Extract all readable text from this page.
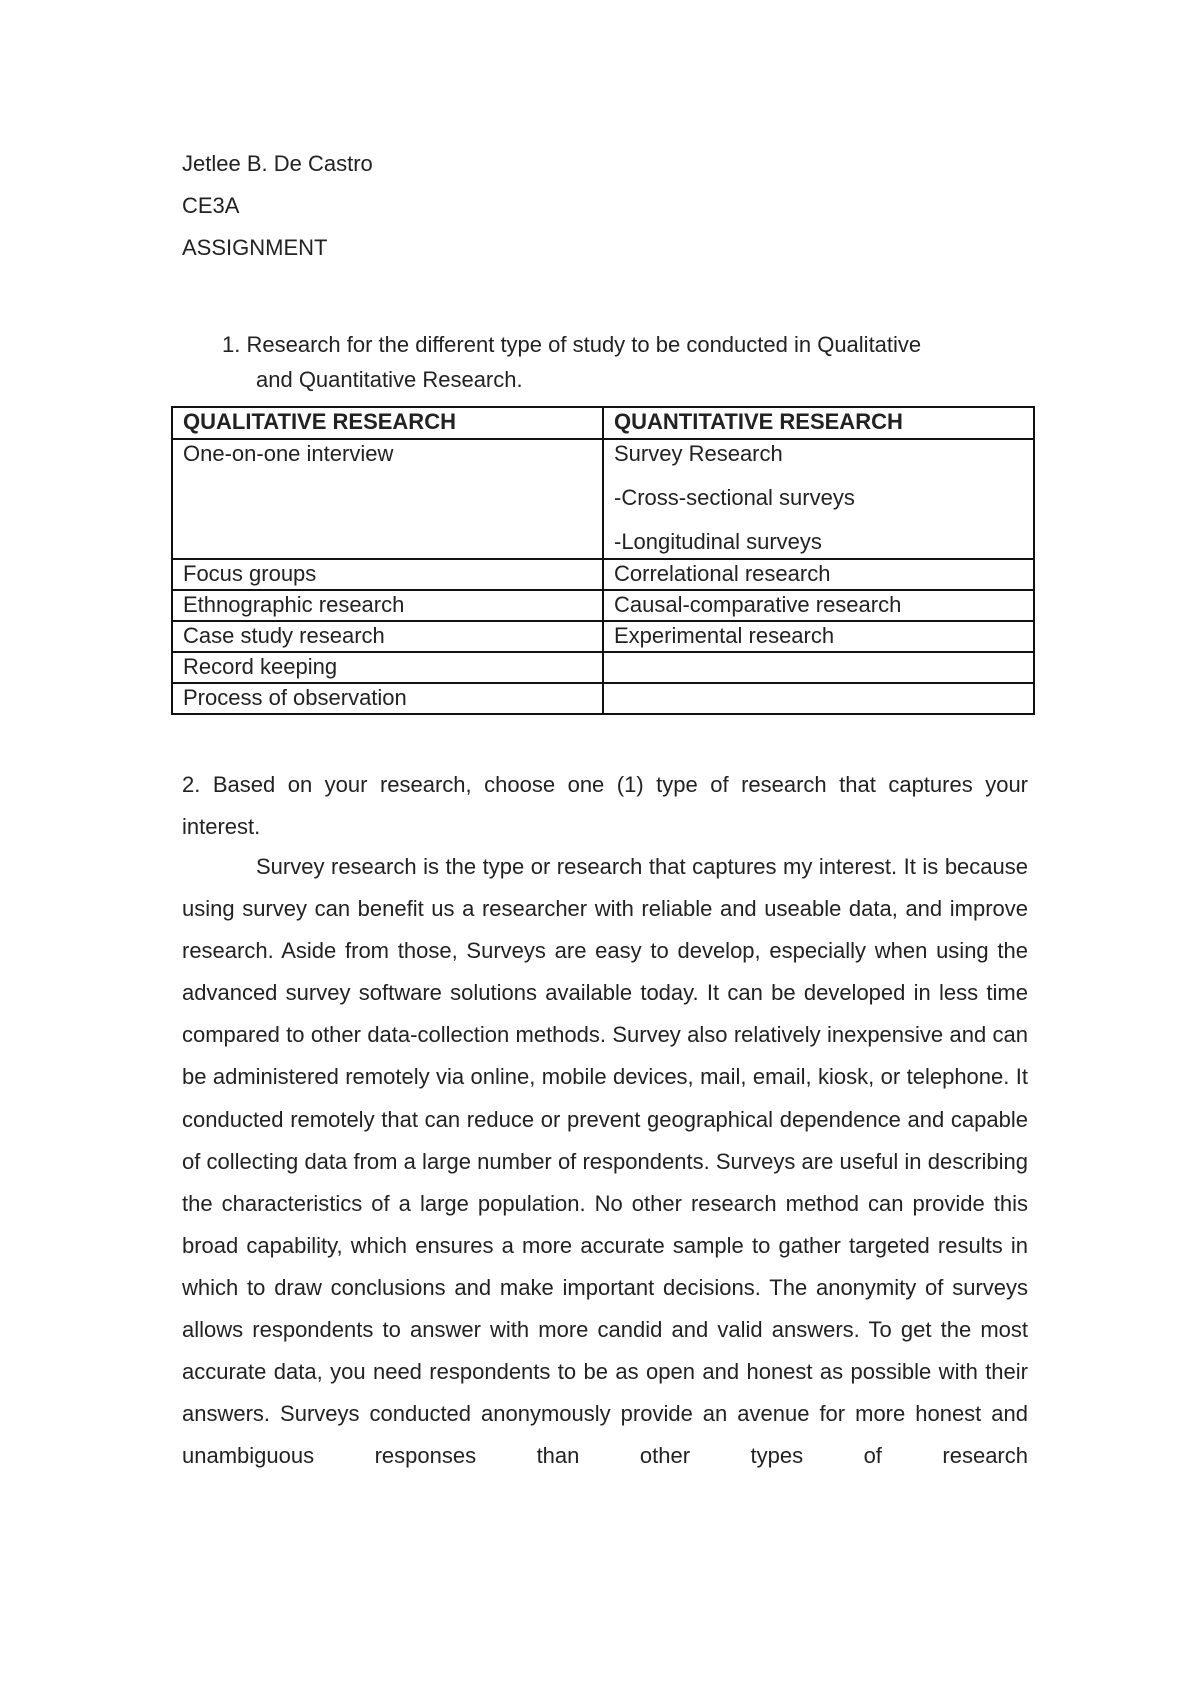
Jetlee B. De Castro
CE3A
ASSIGNMENT
1. Research for the different type of study to be conducted in Qualitative
and Quantitative Research.
QUALITATIVE RESEARCH	QUANTITATIVE RESEARCH
One-on-one interview	Survey Research
-Cross-sectional surveys
-Longitudinal surveys

Focus groups	Correlational research
Ethnographic research	Causal-comparative research
Case study research	Experimental research
Record keeping	
Process of observation	
2. Based on your research, choose one (1) type of research that captures your interest.
Survey research is the type or research that captures my interest. It is because using survey can benefit us a researcher with reliable and useable data, and improve research. Aside from those, Surveys are easy to develop, especially when using the advanced survey software solutions available today. It can be developed in less time compared to other data-collection methods. Survey also relatively inexpensive and can be administered remotely via online, mobile devices, mail, email, kiosk, or telephone. It conducted remotely that can reduce or prevent geographical dependence and capable of collecting data from a large number of respondents. Surveys are useful in describing the characteristics of a large population. No other research method can provide this broad capability, which ensures a more accurate sample to gather targeted results in which to draw conclusions and make important decisions. The anonymity of surveys allows respondents to answer with more candid and valid answers. To get the most accurate data, you need respondents to be as open and honest as possible with their answers. Surveys conducted anonymously provide an avenue for more honest and unambiguous responses than other types of research
